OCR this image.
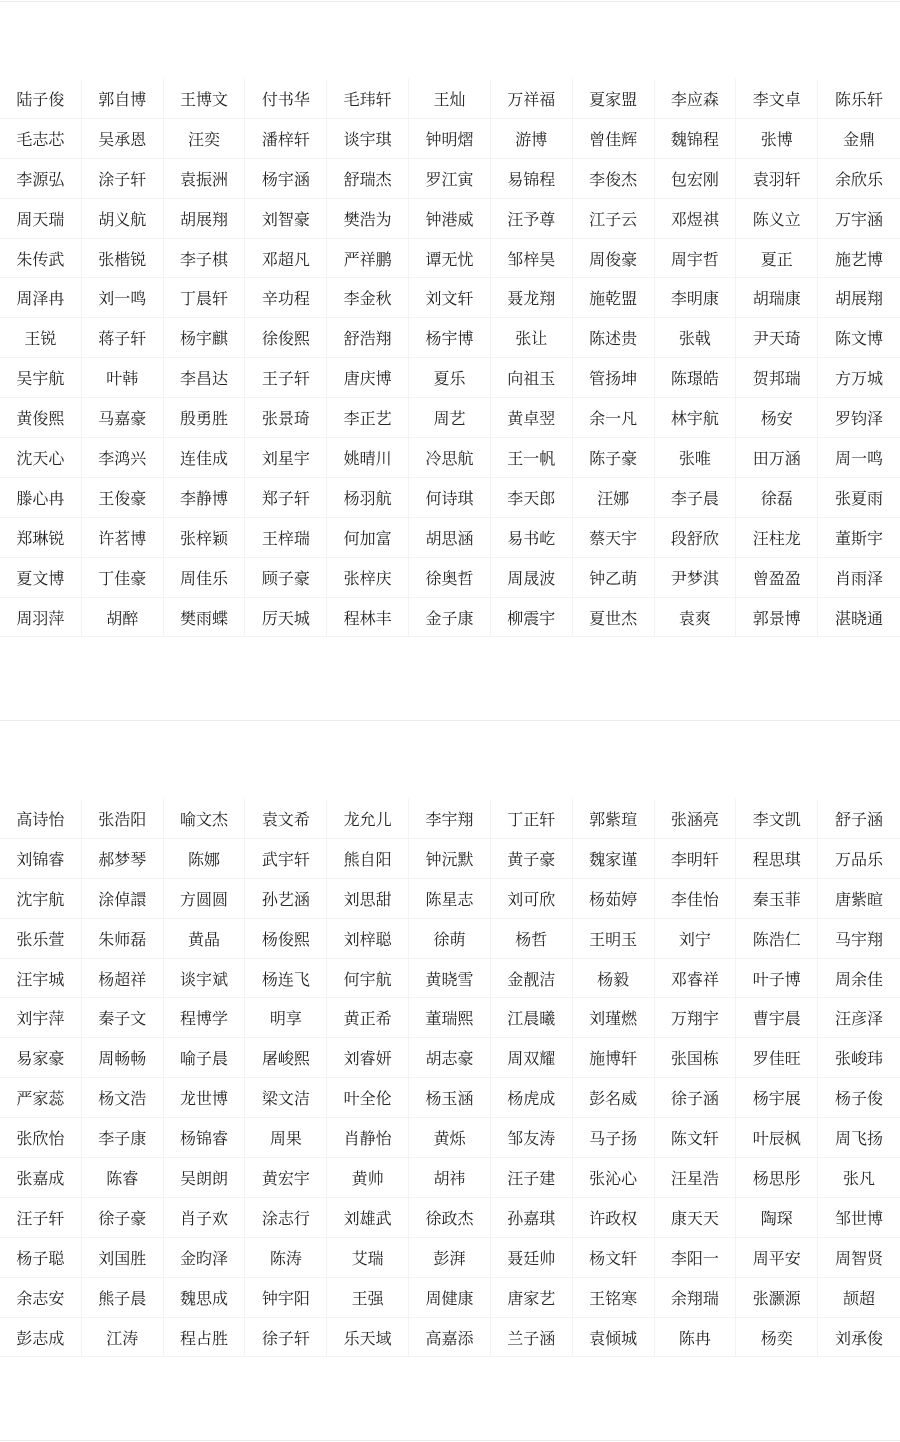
陆子俊	郭自博	王博文	付书华	毛玮轩	王灿	万祥福	夏家盟	李应森	李文卓	陈乐轩
毛志芯	吴承恩	汪奕	潘梓轩	谈宇琪	钟明熠	游博	曾佳辉	魏锦程	张博	金鼎
李源弘	涂子轩	袁振洲	杨宇涵	舒瑞杰	罗江寅	易锦程	李俊杰	包宏刚	袁羽轩	余欣乐
周天瑞	胡义航	胡展翔	刘智豪	樊浩为	钟港威	汪予尊	江子云	邓煜祺	陈义立	万宇涵
朱传武	张楷锐	李子棋	邓超凡	严祥鹏	谭无忧	邹梓昊	周俊豪	周宇哲	夏正	施艺博
周泽冉	刘一鸣	丁晨轩	辛功程	李金秋	刘文轩	聂龙翔	施乾盟	李明康	胡瑞康	胡展翔
王锐	蒋子轩	杨宇麒	徐俊熙	舒浩翔	杨宇博	张让	陈述贵	张戟	尹天琦	陈文博
吴宇航	叶韩	李昌达	王子轩	唐庆博	夏乐	向祖玉	管扬坤	陈璟皓	贺邦瑞	方万城
黄俊熙	马嘉豪	殷勇胜	张景琦	李正艺	周艺	黄卓翌	余一凡	林宇航	杨安	罗钧泽
沈天心	李鸿兴	连佳成	刘星宇	姚晴川	冷思航	王一帆	陈子豪	张唯	田万涵	周一鸣
滕心冉	王俊豪	李静博	郑子轩	杨羽航	何诗琪	李天郎	汪娜	李子晨	徐磊	张夏雨
郑琳锐	许茗博	张梓颖	王梓瑞	何加富	胡思涵	易书屹	蔡天宇	段舒欣	汪柱龙	董斯宇
夏文博	丁佳豪	周佳乐	顾子豪	张梓庆	徐奥哲	周晟波	钟乙萌	尹梦淇	曾盈盈	肖雨泽
周羽萍	胡醉	樊雨蝶	厉天城	程林丰	金子康	柳震宇	夏世杰	袁爽	郭景博	湛晓通
高诗怡	张浩阳	喻文杰	袁文希	龙允儿	李宇翔	丁正轩	郭紫瑄	张涵亮	李文凯	舒子涵
刘锦睿	郝梦琴	陈娜	武宇轩	熊自阳	钟沅默	黄子豪	魏家谨	李明轩	程思琪	万品乐
沈宇航	涂倬譞	方圆圆	孙艺涵	刘思甜	陈星志	刘可欣	杨茹婷	李佳怡	秦玉菲	唐紫暄
张乐萱	朱师磊	黄晶	杨俊熙	刘梓聪	徐萌	杨哲	王明玉	刘宁	陈浩仁	马宇翔
汪宇城	杨超祥	谈宇斌	杨连飞	何宇航	黄晓雪	金靓洁	杨毅	邓睿祥	叶子博	周余佳
刘宇萍	秦子文	程博学	明享	黄正希	董瑞熙	江晨曦	刘瑾燃	万翔宇	曹宇晨	汪彦泽
易家豪	周畅畅	喻子晨	屠峻熙	刘睿妍	胡志豪	周双耀	施博轩	张国栋	罗佳旺	张峻玮
严家蕊	杨文浩	龙世博	梁文洁	叶全伦	杨玉涵	杨虎成	彭名威	徐子涵	杨宇展	杨子俊
张欣怡	李子康	杨锦睿	周果	肖静怡	黄烁	邹友涛	马子扬	陈文轩	叶辰枫	周飞扬
张嘉成	陈睿	吴朗朗	黄宏宇	黄帅	胡祎	汪子建	张沁心	汪星浩	杨思彤	张凡
汪子轩	徐子豪	肖子欢	涂志行	刘雄武	徐政杰	孙嘉琪	许政权	康天天	陶琛	邹世博
杨子聪	刘国胜	金昀泽	陈涛	艾瑞	彭湃	聂廷帅	杨文轩	李阳一	周平安	周智贤
余志安	熊子晨	魏思成	钟宇阳	王强	周健康	唐家艺	王铭寒	余翔瑞	张灏源	颉超
彭志成	江涛	程占胜	徐子轩	乐天域	高嘉添	兰子涵	袁倾城	陈冉	杨奕	刘承俊
